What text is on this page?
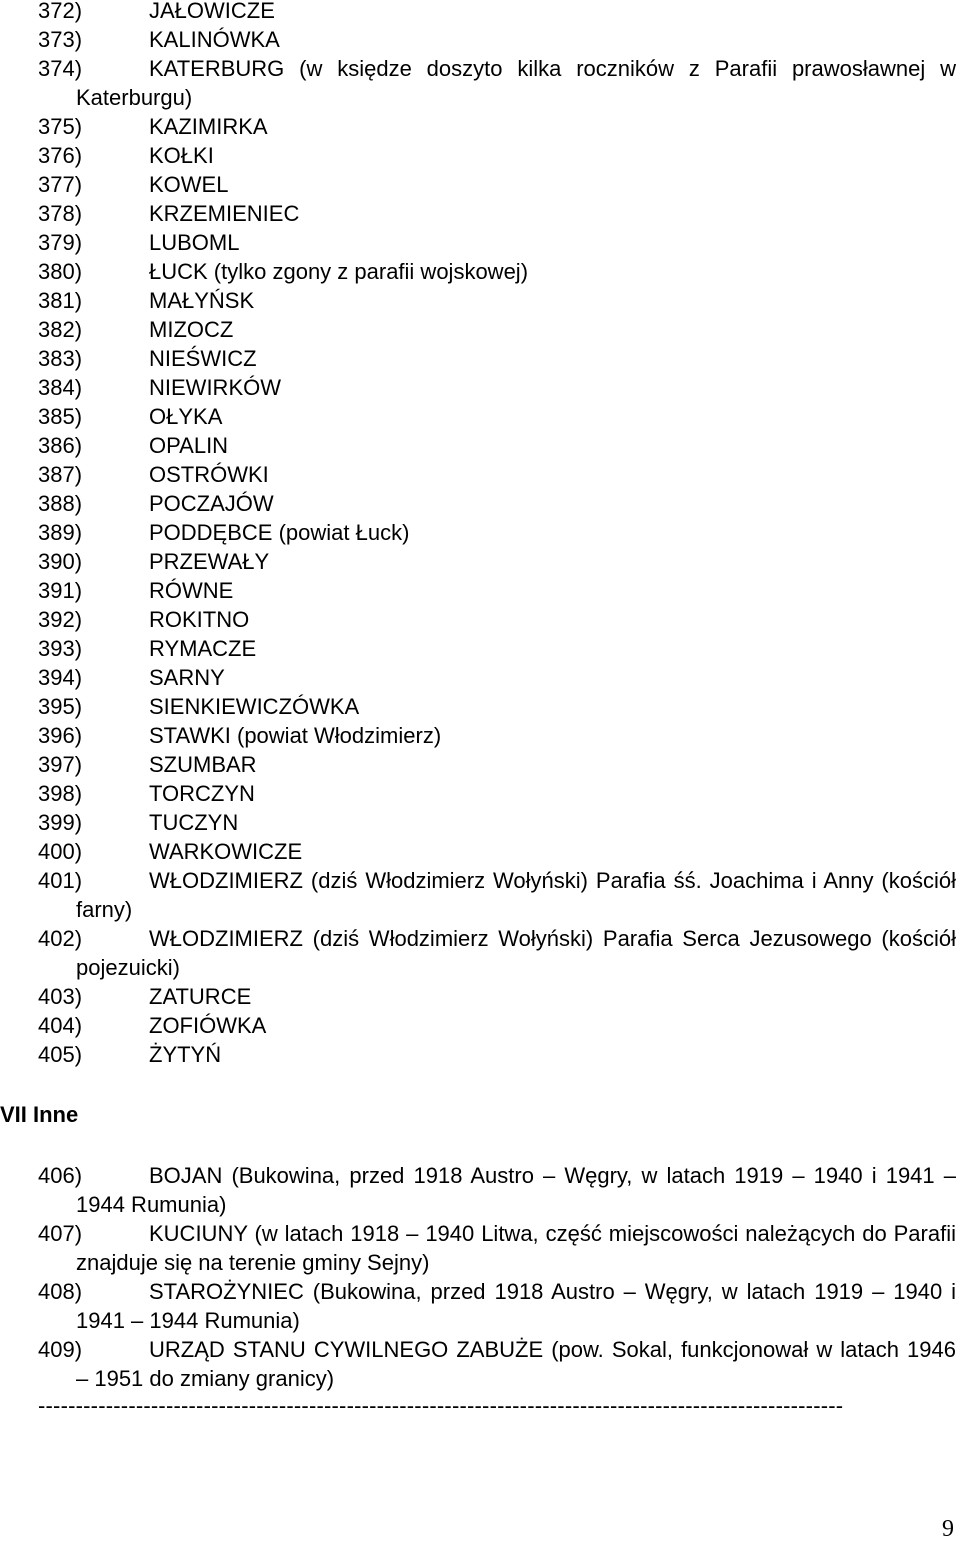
372)	JAŁOWICZE
373)	KALINÓWKA
374)	KATERBURG (w księdze doszyto kilka roczników z Parafii prawosławnej w Katerburgu)
375)	KAZIMIRKA
376)	KOŁKI
377)	KOWEL
378)	KRZEMIENIEC
379)	LUBOML
380)	ŁUCK (tylko zgony z parafii wojskowej)
381)	MAŁYŃSK
382)	MIZOCZ
383)	NIEŚWICZ
384)	NIEWIRKÓW
385)	OŁYKA
386)	OPALIN
387)	OSTRÓWKI
388)	POCZAJÓW
389)	PODDĘBCE (powiat Łuck)
390)	PRZEWAŁY
391)	RÓWNE
392)	ROKITNO
393)	RYMACZE
394)	SARNY
395)	SIENKIEWICZÓWKA
396)	STAWKI (powiat Włodzimierz)
397)	SZUMBAR
398)	TORCZYN
399)	TUCZYN
400)	WARKOWICZE
401)	WŁODZIMIERZ (dziś Włodzimierz Wołyński) Parafia śś. Joachima i Anny (kościół farny)
402)	WŁODZIMIERZ (dziś Włodzimierz Wołyński) Parafia Serca Jezusowego (kościół pojezuicki)
403)	ZATURCE
404)	ZOFIÓWKA
405)	ŻYTYŃ
VII Inne
406)	BOJAN (Bukowina, przed 1918 Austro – Węgry, w latach 1919 – 1940 i 1941 – 1944 Rumunia)
407)	KUCIUNY (w latach 1918 – 1940 Litwa, część miejscowości należących do Parafii znajduje się na terenie gminy Sejny)
408)	STAROŻYNIEC (Bukowina, przed 1918 Austro – Węgry, w latach 1919 – 1940 i 1941 – 1944 Rumunia)
409)	URZĄD STANU CYWILNEGO ZABUŻE (pow. Sokal, funkcjonował w latach 1946 – 1951 do zmiany granicy)
-----------------------------------------------------------------------------------------------------------
9
